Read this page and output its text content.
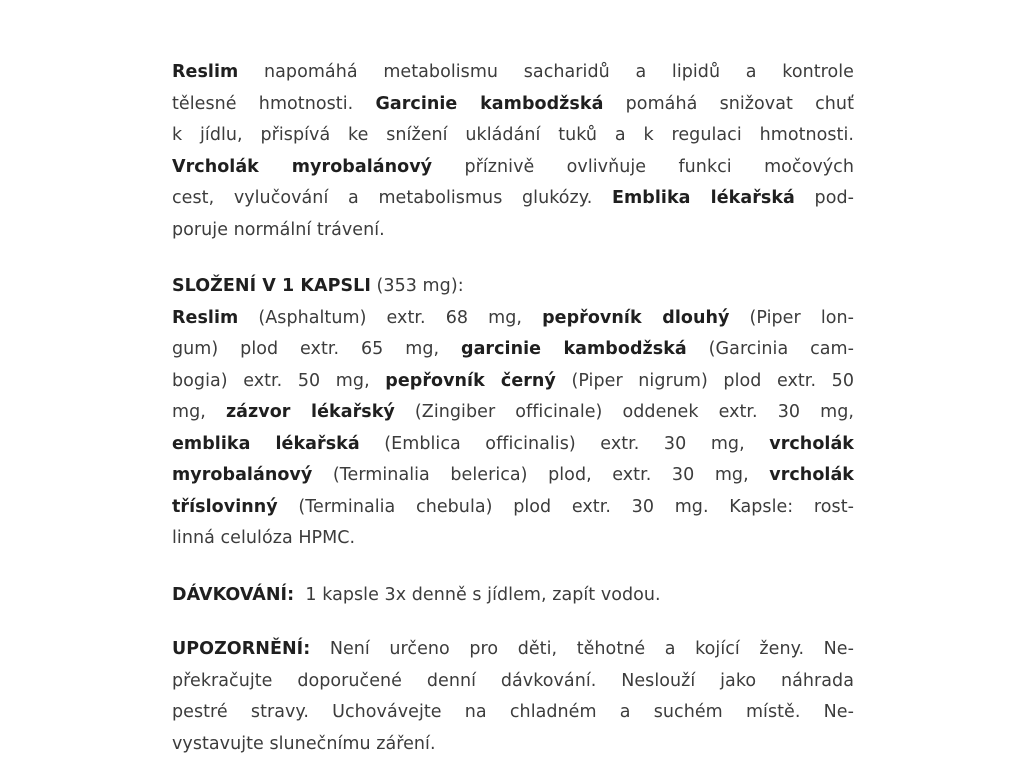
Reslim napomáhá metabolismu sacharidů a lipidů a kontrole
tělesné hmotnosti. Garcinie kambodžská pomáhá snižovat chuť
k jídlu, přispívá ke snížení ukládání tuků a k regulaci hmotnosti.
Vrcholák myrobalánový příznivě ovlivňuje funkci močových
cest, vylučování a metabolismus glukózy. Emblika lékařská pod-
poruje normální trávení.

SLOŽENÍ V 1 KAPSLI (353 mg):
Reslim (Asphaltum) extr. 68 mg, pepřovník dlouhý (Piper lon-
gum) plod extr. 65 mg, garcinie kambodžská (Garcinia cam-
bogia) extr. 50 mg, pepřovník černý (Piper nigrum) plod extr. 50
mg, zázvor lékařský (Zingiber officinale) oddenek extr. 30 mg,
emblika lékařská (Emblica officinalis) extr. 30 mg, vrcholák
myrobalánový (Terminalia belerica) plod, extr. 30 mg, vrcholák
tříslovinný (Terminalia chebula) plod extr. 30 mg. Kapsle: rost-
linná celulóza HPMC.

DÁVKOVÁNÍ:  1 kapsle 3x denně s jídlem, zapít vodou.

UPOZORNĚNÍ: Není určeno pro děti, těhotné a kojící ženy. Ne-
překračujte doporučené denní dávkování. Neslouží jako náhrada
pestré stravy. Uchovávejte na chladném a suchém místě. Ne-
vystavujte slunečnímu záření.
